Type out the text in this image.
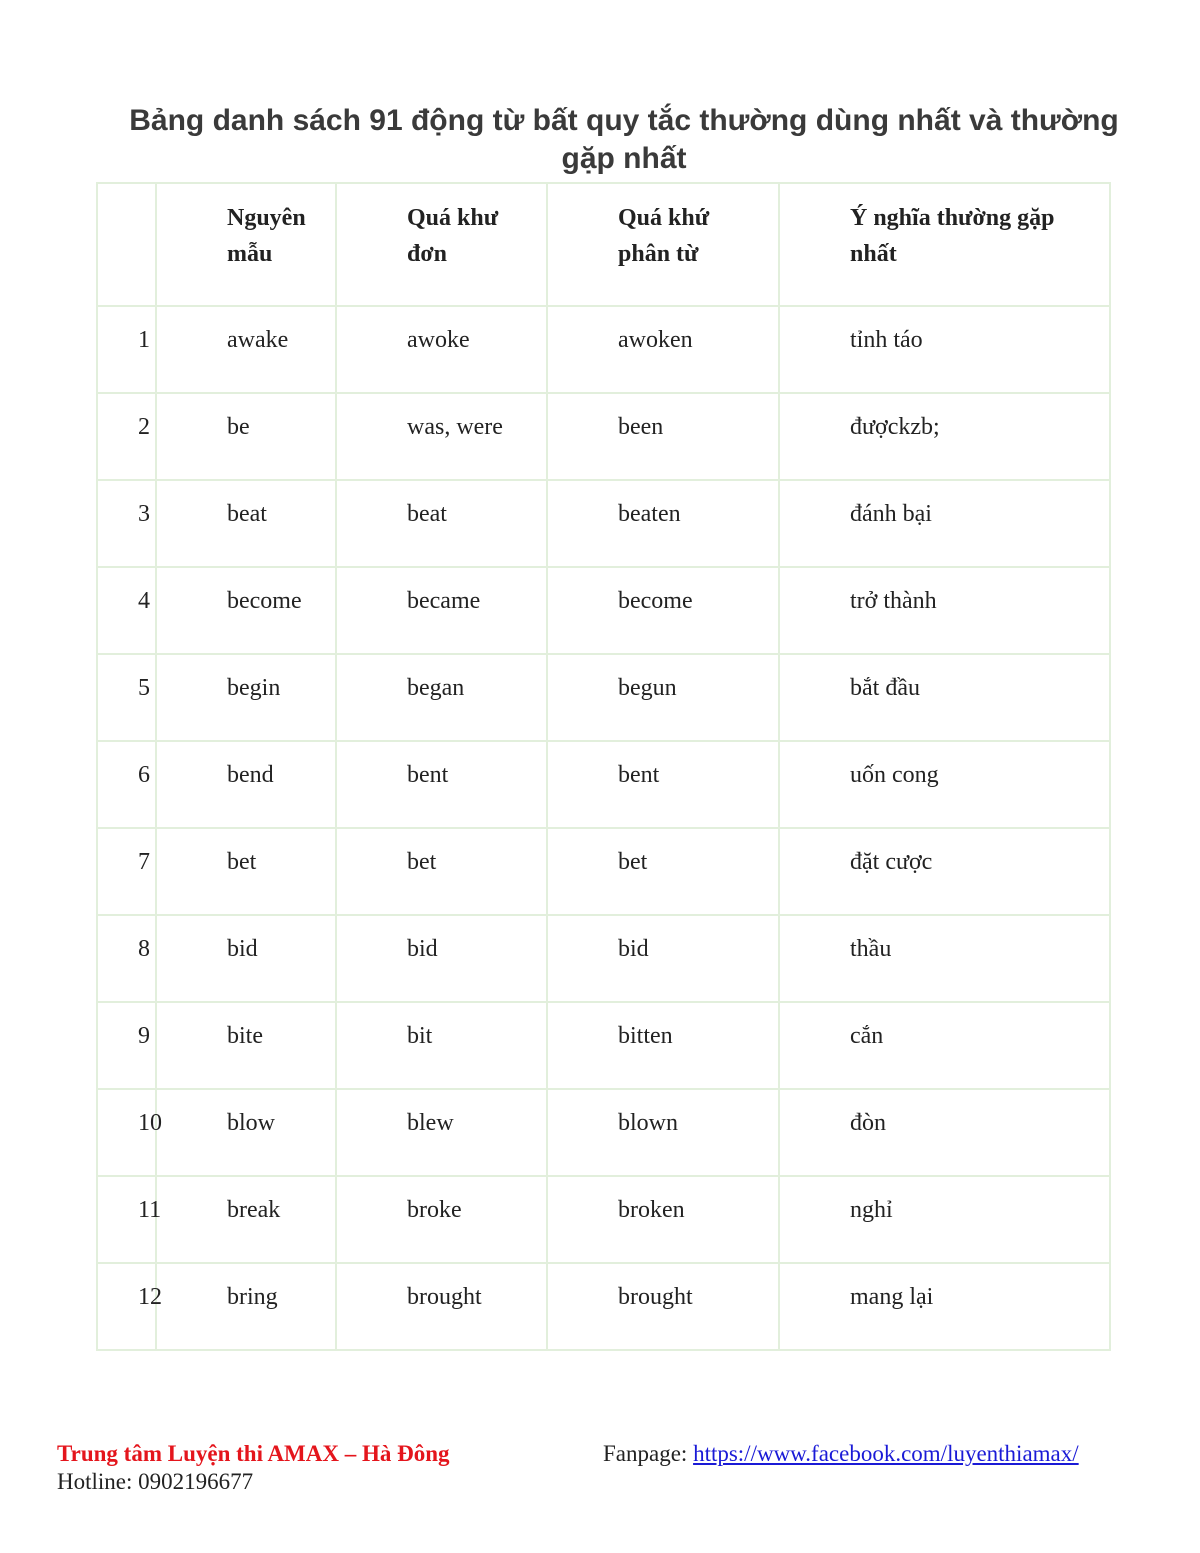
Bảng danh sách 91 động từ bất quy tắc thường dùng nhất và thường gặp nhất

	Nguyên mẫu	Quá khư đơn	Quá khứ phân từ	Ý nghĩa thường gặp nhất

1	awake	awoke	awoken	tỉnh táo

2	be	was, were	been	đượckzb;

3	beat	beat	beaten	đánh bại

4	become	became	become	trở thành

5	begin	began	begun	bắt đầu

6	bend	bent	bent	uốn cong

7	bet	bet	bet	đặt cược

8	bid	bid	bid	thầu

9	bite	bit	bitten	cắn

10	blow	blew	blown	đòn

11	break	broke	broken	nghỉ

12	bring	brought	brought	mang lại
Trung tâm Luyện thi AMAX – Hà Đông
Hotline: 0902196677
Fanpage: https://www.facebook.com/luyenthiamax/
